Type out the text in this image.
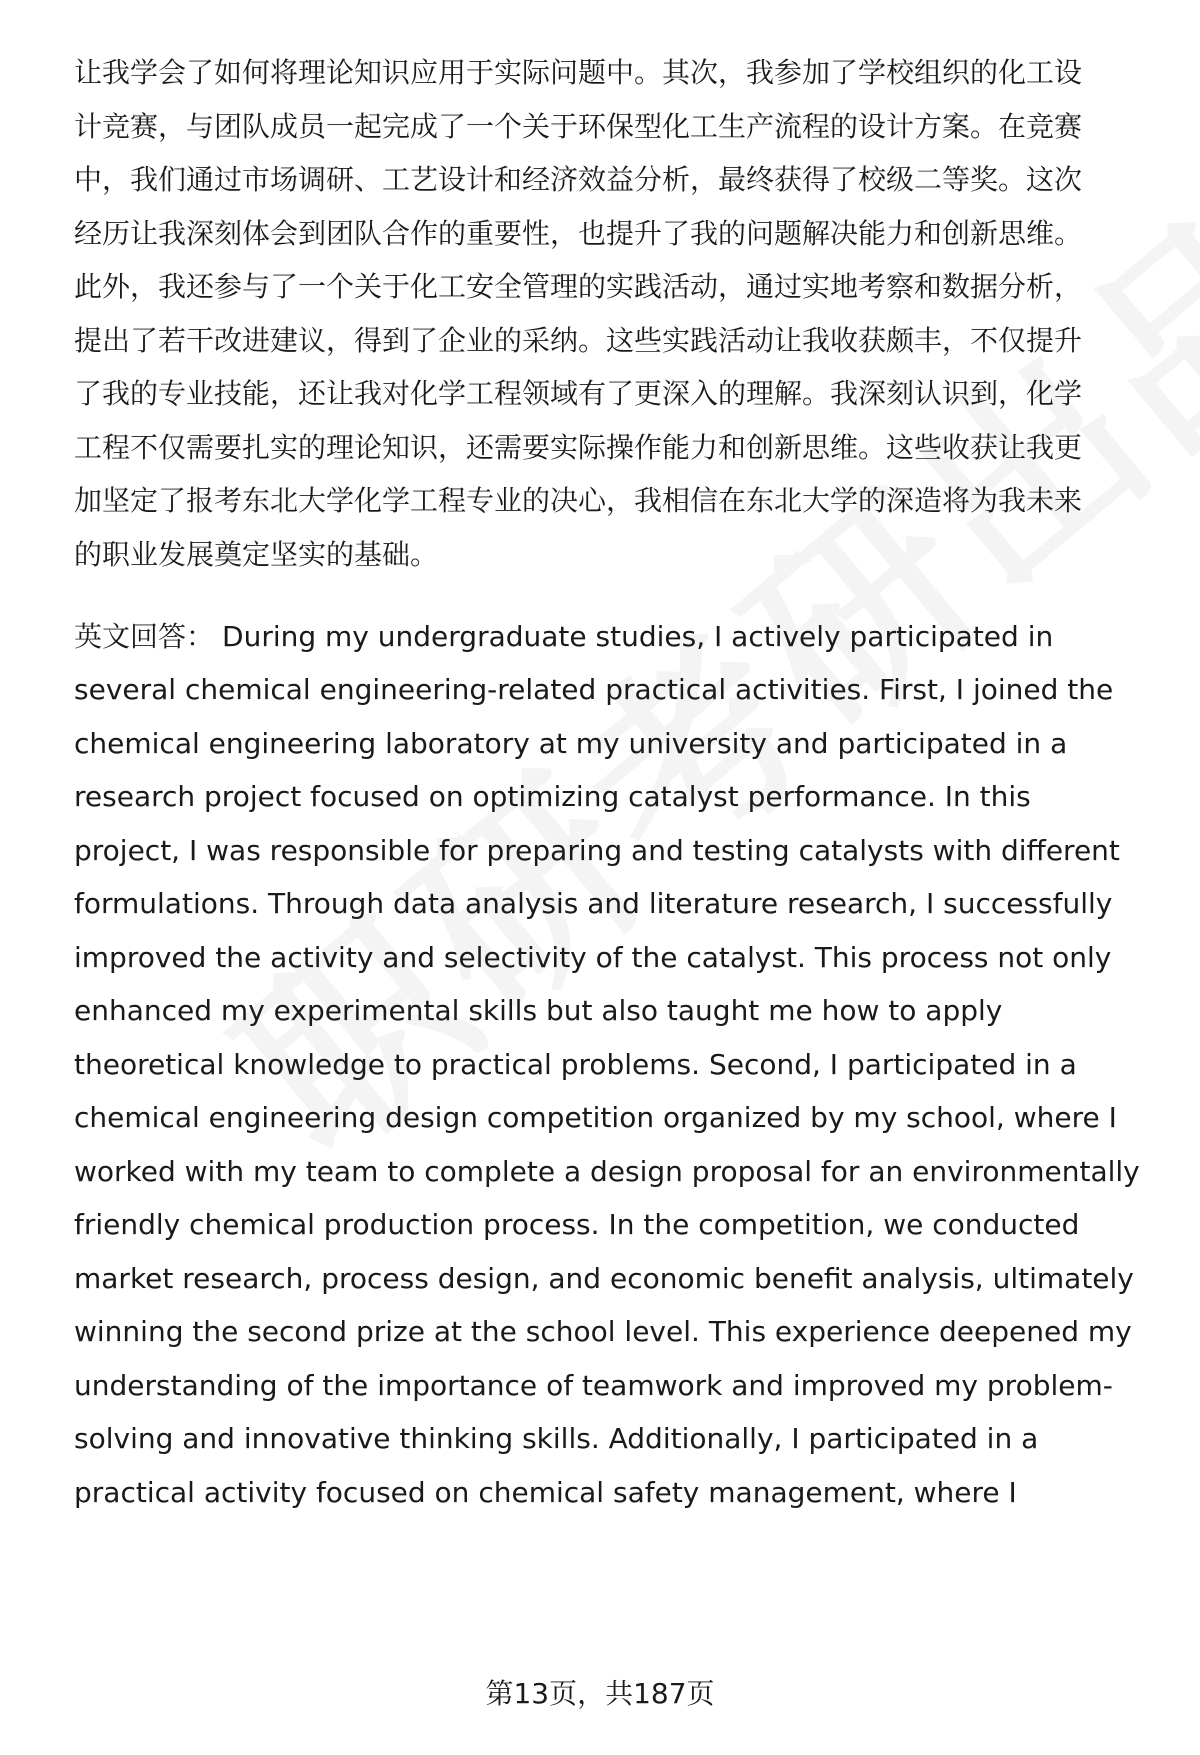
让我学会了如何将理论知识应用于实际问题中。其次，我参加了学校组织的化工设
计竞赛，与团队成员一起完成了一个关于环保型化工生产流程的设计方案。在竞赛
中，我们通过市场调研、工艺设计和经济效益分析，最终获得了校级二等奖。这次
经历让我深刻体会到团队合作的重要性，也提升了我的问题解决能力和创新思维。
此外，我还参与了一个关于化工安全管理的实践活动，通过实地考察和数据分析，
提出了若干改进建议，得到了企业的采纳。这些实践活动让我收获颇丰，不仅提升
了我的专业技能，还让我对化学工程领域有了更深入的理解。我深刻认识到，化学
工程不仅需要扎实的理论知识，还需要实际操作能力和创新思维。这些收获让我更
加坚定了报考东北大学化学工程专业的决心，我相信在东北大学的深造将为我未来
的职业发展奠定坚实的基础。
英文回答： During my undergraduate studies, I actively participated in
several chemical engineering-related practical activities. First, I joined the
chemical engineering laboratory at my university and participated in a
research project focused on optimizing catalyst performance. In this
project, I was responsible for preparing and testing catalysts with different
formulations. Through data analysis and literature research, I successfully
improved the activity and selectivity of the catalyst. This process not only
enhanced my experimental skills but also taught me how to apply
theoretical knowledge to practical problems. Second, I participated in a
chemical engineering design competition organized by my school, where I
worked with my team to complete a design proposal for an environmentally
friendly chemical production process. In the competition, we conducted
market research, process design, and economic benefit analysis, ultimately
winning the second prize at the school level. This experience deepened my
understanding of the importance of teamwork and improved my problem-
solving and innovative thinking skills. Additionally, I participated in a
practical activity focused on chemical safety management, where I
第13页，共187页
